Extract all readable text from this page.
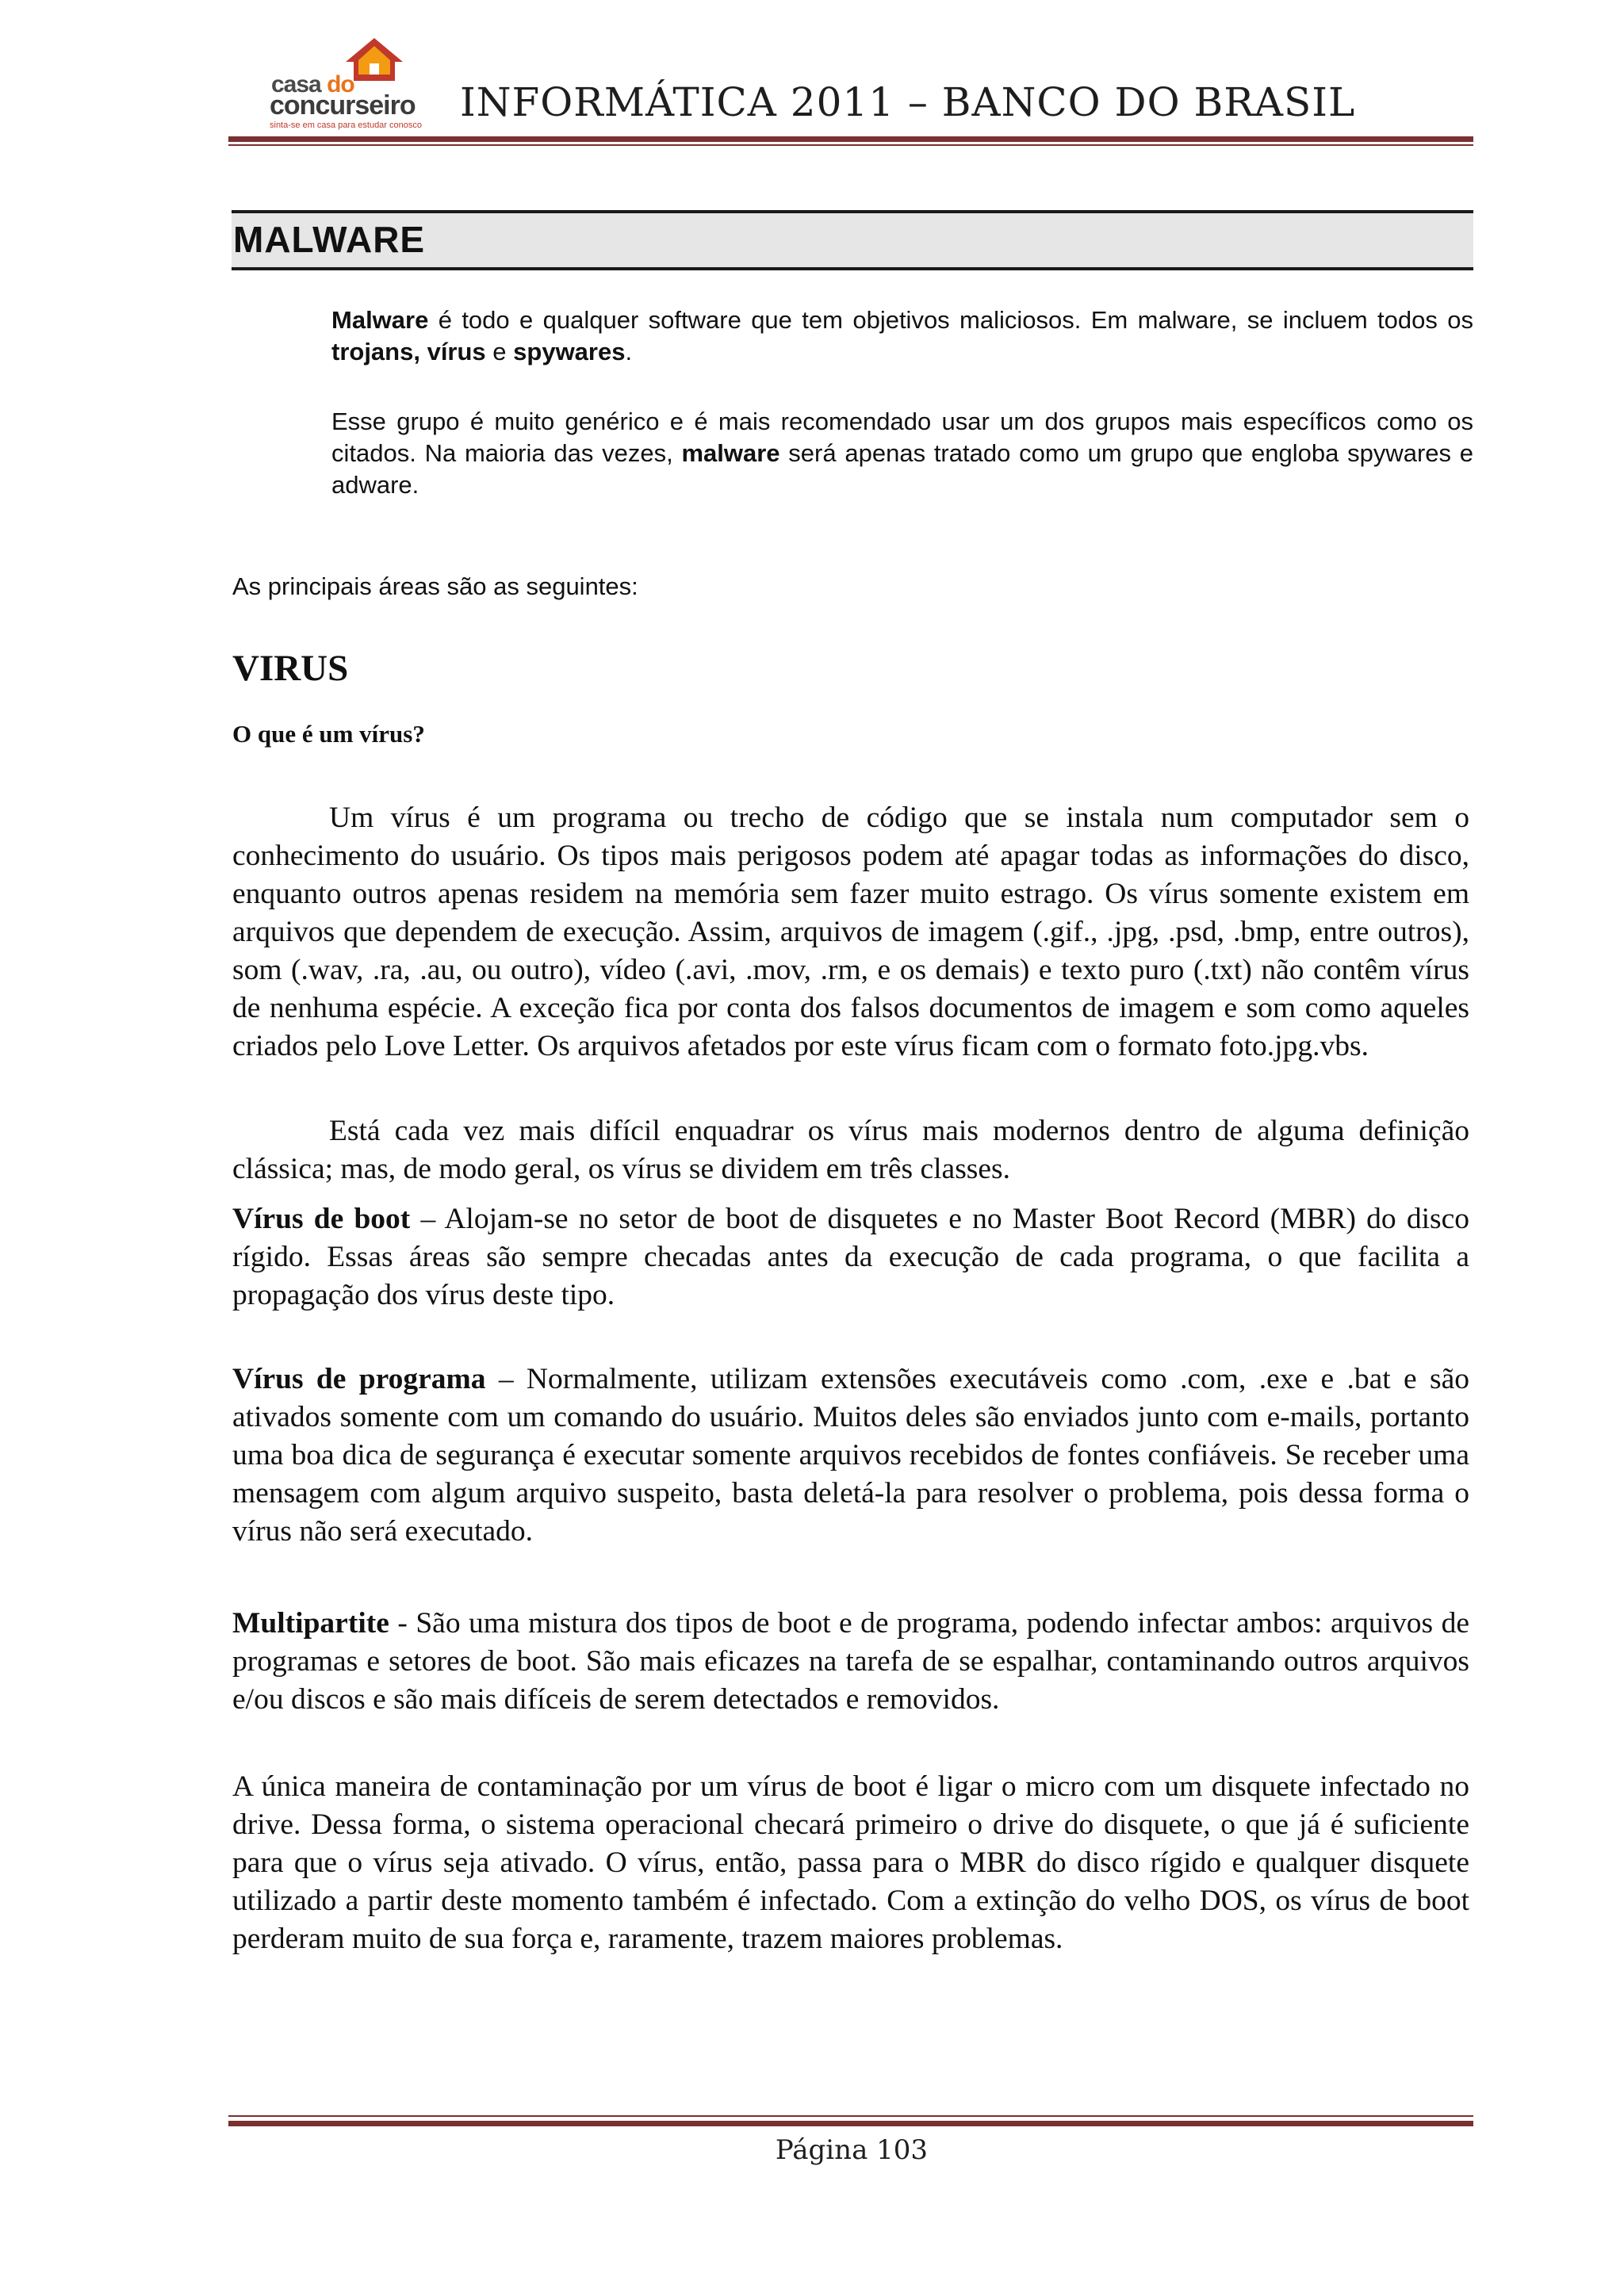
casa do
concurseiro
sinta-se em casa para estudar conosco INFORMÁTICA 2011 – BANCO DO BRASIL
MALWARE
Malware é todo e qualquer software que tem objetivos maliciosos. Em malware, se incluem todos os trojans, vírus e spywares.
Esse grupo é muito genérico e é mais recomendado usar um dos grupos mais específicos como os citados. Na maioria das vezes, malware será apenas tratado como um grupo que engloba spywares e adware.
As principais áreas são as seguintes:
VIRUS
O que é um vírus?

Um vírus é um programa ou trecho de código que se instala num computador sem o conhecimento do usuário. Os tipos mais perigosos podem até apagar todas as informações do disco, enquanto outros apenas residem na memória sem fazer muito estrago. Os vírus somente existem em arquivos que dependem de execução. Assim, arquivos de imagem (.gif., .jpg, .psd, .bmp, entre outros), som (.wav, .ra, .au, ou outro), vídeo (.avi, .mov, .rm, e os demais) e texto puro (.txt) não contêm vírus de nenhuma espécie. A exceção fica por conta dos falsos documentos de imagem e som como aqueles criados pelo Love Letter. Os arquivos afetados por este vírus ficam com o formato foto.jpg.vbs.

Está cada vez mais difícil enquadrar os vírus mais modernos dentro de alguma definição clássica; mas, de modo geral, os vírus se dividem em três classes.

Vírus de boot – Alojam-se no setor de boot de disquetes e no Master Boot Record (MBR) do disco rígido. Essas áreas são sempre checadas antes da execução de cada programa, o que facilita a propagação dos vírus deste tipo.

Vírus de programa – Normalmente, utilizam extensões executáveis como .com, .exe e .bat e são ativados somente com um comando do usuário. Muitos deles são enviados junto com e-mails, portanto uma boa dica de segurança é executar somente arquivos recebidos de fontes confiáveis. Se receber uma mensagem com algum arquivo suspeito, basta deletá-la para resolver o problema, pois dessa forma o vírus não será executado.

Multipartite - São uma mistura dos tipos de boot e de programa, podendo infectar ambos: arquivos de programas e setores de boot. São mais eficazes na tarefa de se espalhar, contaminando outros arquivos e/ou discos e são mais difíceis de serem detectados e removidos.

A única maneira de contaminação por um vírus de boot é ligar o micro com um disquete infectado no drive. Dessa forma, o sistema operacional checará primeiro o drive do disquete, o que já é suficiente para que o vírus seja ativado. O vírus, então, passa para o MBR do disco rígido e qualquer disquete utilizado a partir deste momento também é infectado. Com a extinção do velho DOS, os vírus de boot perderam muito de sua força e, raramente, trazem maiores problemas.

Página 103
